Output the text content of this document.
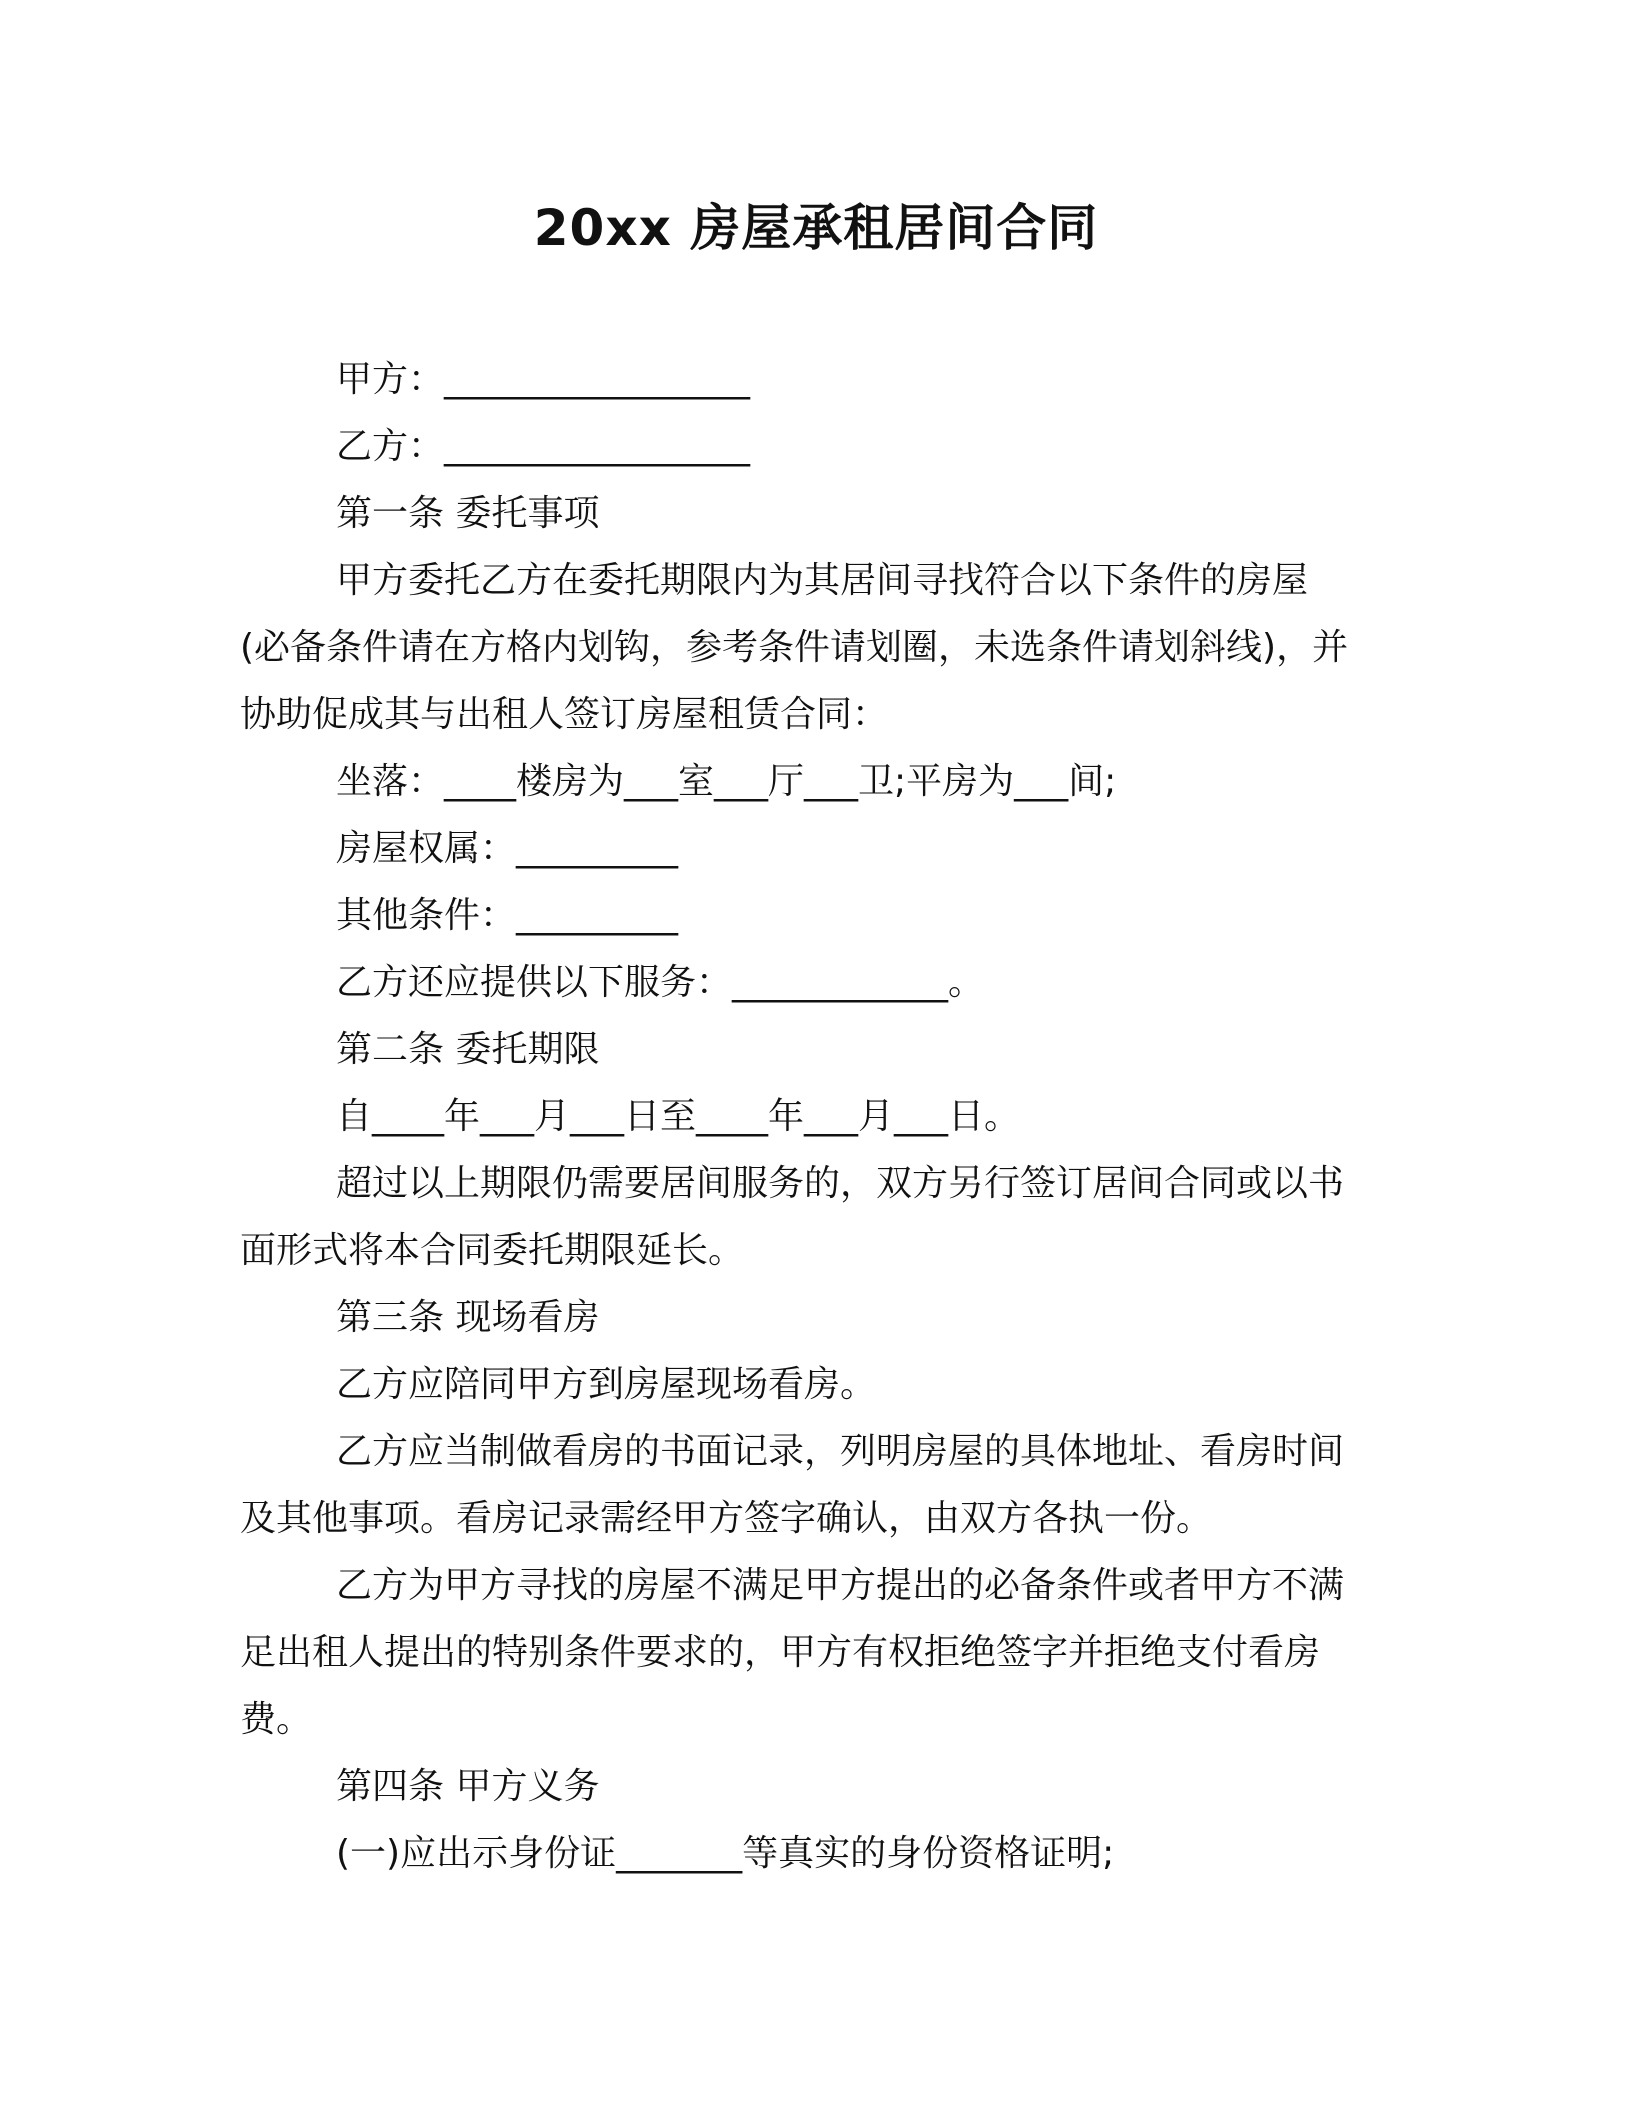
20xx 房屋承租居间合同
甲方：_________________
乙方：_________________
第一条 委托事项
甲方委托乙方在委托期限内为其居间寻找符合以下条件的房屋
(必备条件请在方格内划钩，参考条件请划圈，未选条件请划斜线)，并
协助促成其与出租人签订房屋租赁合同：
坐落：____楼房为___室___厅___卫;平房为___间;
房屋权属：_________
其他条件：_________
乙方还应提供以下服务：____________。
第二条 委托期限
自____年___月___日至____年___月___日。
超过以上期限仍需要居间服务的，双方另行签订居间合同或以书
面形式将本合同委托期限延长。
第三条 现场看房
乙方应陪同甲方到房屋现场看房。
乙方应当制做看房的书面记录，列明房屋的具体地址、看房时间
及其他事项。看房记录需经甲方签字确认，由双方各执一份。
乙方为甲方寻找的房屋不满足甲方提出的必备条件或者甲方不满
足出租人提出的特别条件要求的，甲方有权拒绝签字并拒绝支付看房
费。
第四条 甲方义务
(一)应出示身份证_______等真实的身份资格证明;
